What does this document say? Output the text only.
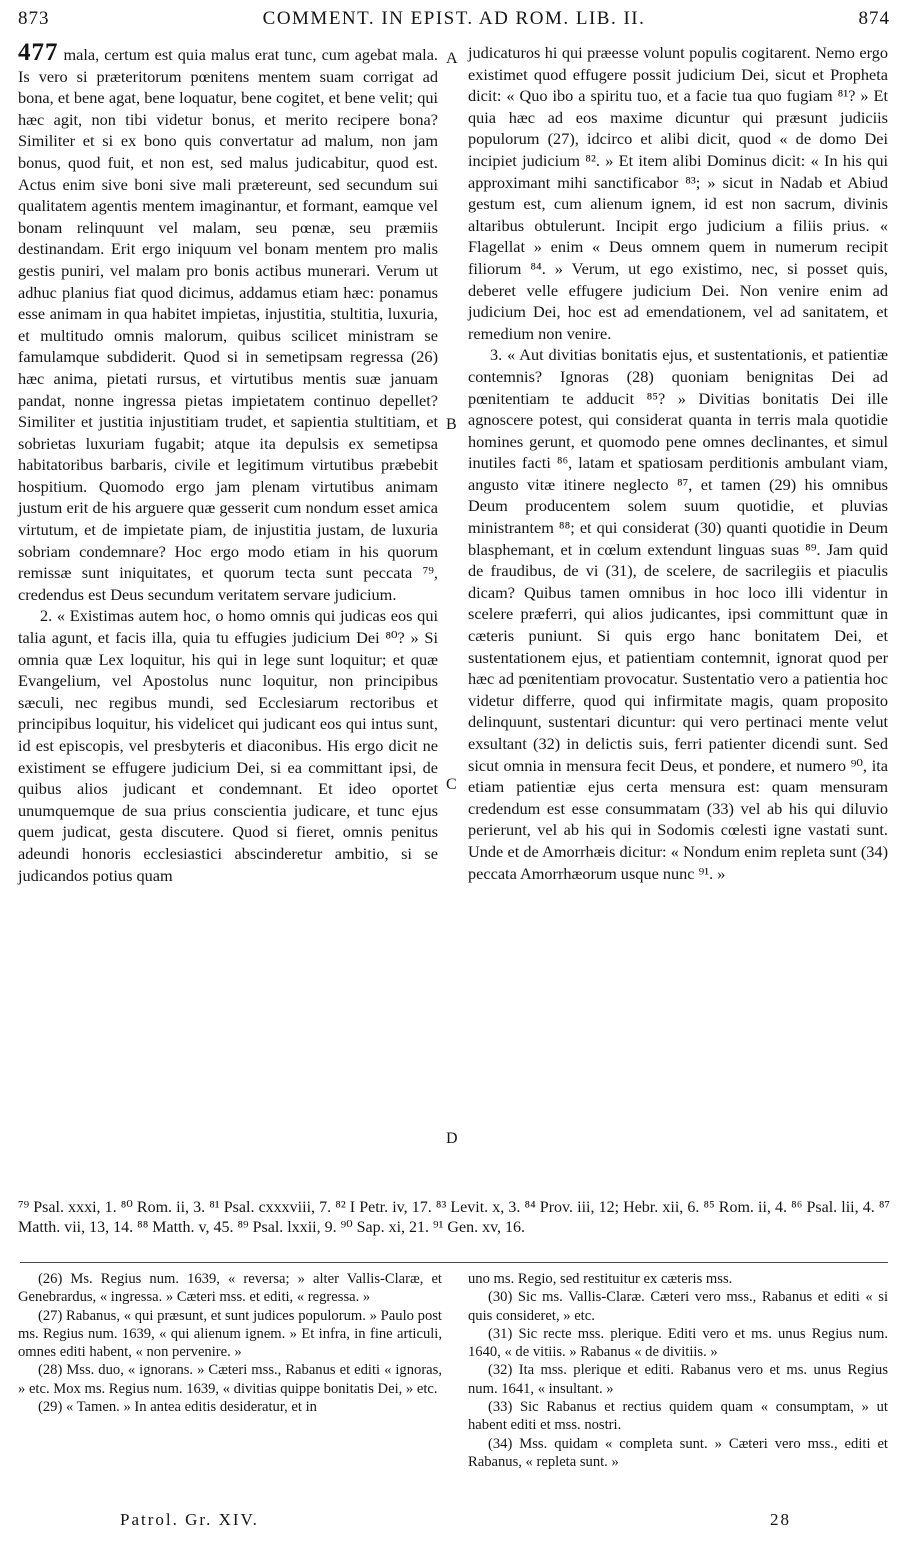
873	COMMENT. IN EPIST. AD ROM. LIB. II.	874

477 mala, certum est quia malus erat tunc, cum agebat mala. Is vero si præteritorum pœnitens mentem suam corrigat ad bona, et bene agat, bene loquatur, bene cogitet, et bene velit; qui hæc agit, non tibi videtur bonus, et merito recipere bona? Similiter et si ex bono quis convertatur ad malum, non jam bonus, quod fuit, et non est, sed malus judicabitur, quod est. Actus enim sive boni sive mali prætereunt, sed secundum sui qualitatem agentis mentem imaginantur, et formant, eamque vel bonam relinquunt vel malam, seu pœnæ, seu præmiis destinandam. Erit ergo iniquum vel bonam mentem pro malis gestis puniri, vel malam pro bonis actibus munerari. Verum ut adhuc planius fiat quod dicimus, addamus etiam hæc: ponamus esse animam in qua habitet impietas, injustitia, stultitia, luxuria, et multitudo omnis malorum, quibus scilicet ministram se famulamque subdiderit. Quod si in semetipsam regressa (26) hæc anima, pietati rursus, et virtutibus mentis suæ januam pandat, nonne ingressa pietas impietatem continuo depellet? Similiter et justitia injustitiam trudet, et sapientia stultitiam, et sobrietas luxuriam fugabit; atque ita depulsis ex semetipsa habitatoribus barbaris, civile et legitimum virtutibus præbebit hospitium. Quomodo ergo jam plenam virtutibus animam justum erit de his arguere quæ gesserit cum nondum esset amica virtutum, et de impietate piam, de injustitia justam, de luxuria sobriam condemnare? Hoc ergo modo etiam in his quorum remissæ sunt iniquitates, et quorum tecta sunt peccata ⁷⁹, credendus est Deus secundum veritatem servare judicium.

2. « Existimas autem hoc, o homo omnis qui judicas eos qui talia agunt, et facis illa, quia tu effugies judicium Dei ⁸⁰? » Si omnia quæ Lex loquitur, his qui in lege sunt loquitur; et quæ Evangelium, vel Apostolus nunc loquitur, non principibus sæculi, nec regibus mundi, sed Ecclesiarum rectoribus et principibus loquitur, his videlicet qui judicant eos qui intus sunt, id est episcopis, vel presbyteris et diaconibus. His ergo dicit ne existiment se effugere judicium Dei, si ea committant ipsi, de quibus alios judicant et condemnant. Et ideo oportet unumquemque de sua prius conscientia judicare, et tunc ejus quem judicat, gesta discutere. Quod si fieret, omnis penitus adeundi honoris ecclesiastici abscinderetur ambitio, si se judicandos potius quam

A
B
C
D

judicaturos hi qui præesse volunt populis cogitarent. Nemo ergo existimet quod effugere possit judicium Dei, sicut et Propheta dicit: « Quo ibo a spiritu tuo, et a facie tua quo fugiam ⁸¹? » Et quia hæc ad eos maxime dicuntur qui præsunt judiciis populorum (27), idcirco et alibi dicit, quod « de domo Dei incipiet judicium ⁸². » Et item alibi Dominus dicit: « In his qui approximant mihi sanctificabor ⁸³; » sicut in Nadab et Abiud gestum est, cum alienum ignem, id est non sacrum, divinis altaribus obtulerunt. Incipit ergo judicium a filiis prius. « Flagellat » enim « Deus omnem quem in numerum recipit filiorum ⁸⁴. » Verum, ut ego existimo, nec, si posset quis, deberet velle effugere judicium Dei. Non venire enim ad judicium Dei, hoc est ad emendationem, vel ad sanitatem, et remedium non venire.

3. « Aut divitias bonitatis ejus, et sustentationis, et patientiæ contemnis? Ignoras (28) quoniam benignitas Dei ad pœnitentiam te adducit ⁸⁵? » Divitias bonitatis Dei ille agnoscere potest, qui considerat quanta in terris mala quotidie homines gerunt, et quomodo pene omnes declinantes, et simul inutiles facti ⁸⁶, latam et spatiosam perditionis ambulant viam, angusto vitæ itinere neglecto ⁸⁷, et tamen (29) his omnibus Deum producentem solem suum quotidie, et pluvias ministrantem ⁸⁸; et qui considerat (30) quanti quotidie in Deum blasphemant, et in cœlum extendunt linguas suas ⁸⁹. Jam quid de fraudibus, de vi (31), de scelere, de sacrilegiis et piaculis dicam? Quibus tamen omnibus in hoc loco illi videntur in scelere præferri, qui alios judicantes, ipsi committunt quæ in cæteris puniunt. Si quis ergo hanc bonitatem Dei, et sustentationem ejus, et patientiam contemnit, ignorat quod per hæc ad pœnitentiam provocatur. Sustentatio vero a patientia hoc videtur differre, quod qui infirmitate magis, quam proposito delinquunt, sustentari dicuntur: qui vero pertinaci mente velut exsultant (32) in delictis suis, ferri patienter dicendi sunt. Sed sicut omnia in mensura fecit Deus, et pondere, et numero ⁹⁰, ita etiam patientiæ ejus certa mensura est: quam mensuram credendum est esse consummatam (33) vel ab his qui diluvio perierunt, vel ab his qui in Sodomis cœlesti igne vastati sunt. Unde et de Amorrhæis dicitur: « Nondum enim repleta sunt (34) peccata Amorrhæorum usque nunc ⁹¹. »

⁷⁹ Psal. xxxi, 1. ⁸⁰ Rom. ii, 3. ⁸¹ Psal. cxxxviii, 7. ⁸² I Petr. iv, 17. ⁸³ Levit. x, 3. ⁸⁴ Prov. iii, 12; Hebr. xii, 6. ⁸⁵ Rom. ii, 4. ⁸⁶ Psal. lii, 4. ⁸⁷ Matth. vii, 13, 14. ⁸⁸ Matth. v, 45. ⁸⁹ Psal. lxxii, 9. ⁹⁰ Sap. xi, 21. ⁹¹ Gen. xv, 16.

(26) Ms. Regius num. 1639, « reversa; » alter Vallis-Claræ, et Genebrardus, « ingressa. » Cæteri mss. et editi, « regressa. »

(27) Rabanus, « qui præsunt, et sunt judices populorum. » Paulo post ms. Regius num. 1639, « qui alienum ignem. » Et infra, in fine articuli, omnes editi habent, « non pervenire. »

(28) Mss. duo, « ignorans. » Cæteri mss., Rabanus et editi « ignoras, » etc. Mox ms. Regius num. 1639, « divitias quippe bonitatis Dei, » etc.

(29) « Tamen. » In antea editis desideratur, et in

uno ms. Regio, sed restituitur ex cæteris mss.

(30) Sic ms. Vallis-Claræ. Cæteri vero mss., Rabanus et editi « si quis consideret, » etc.

(31) Sic recte mss. plerique. Editi vero et ms. unus Regius num. 1640, « de vitiis. » Rabanus « de divitiis. »

(32) Ita mss. plerique et editi. Rabanus vero et ms. unus Regius num. 1641, « insultant. »

(33) Sic Rabanus et rectius quidem quam « consumptam, » ut habent editi et mss. nostri.

(34) Mss. quidam « completa sunt. » Cæteri vero mss., editi et Rabanus, « repleta sunt. »

Patrol. Gr. XIV.	28
